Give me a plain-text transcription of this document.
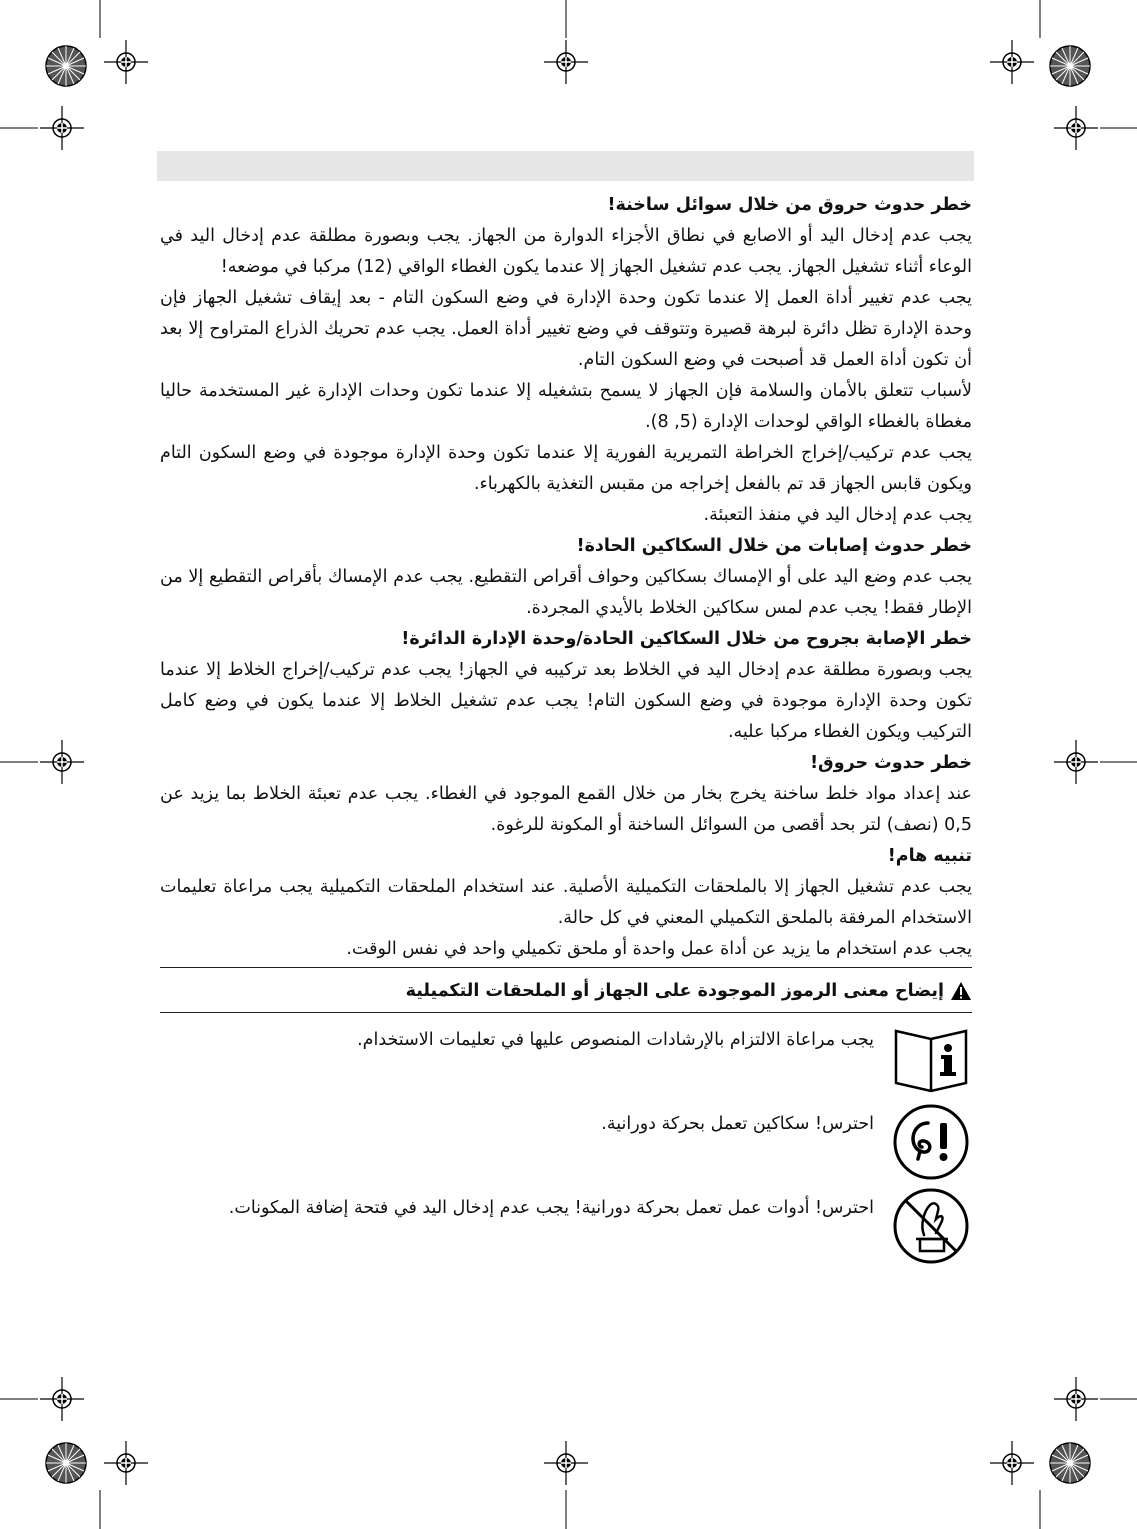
خطر حدوث حروق من خلال سوائل ساخنة!

يجب عدم إدخال اليد أو الاصابع في نطاق الأجزاء الدوارة من الجهاز. يجب وبصورة مطلقة عدم إدخال اليد في الوعاء أثناء تشغيل الجهاز. يجب عدم تشغيل الجهاز إلا عندما يكون الغطاء الواقي (12) مركبا في موضعه!

يجب عدم تغيير أداة العمل إلا عندما تكون وحدة الإدارة في وضع السكون التام - بعد إيقاف تشغيل الجهاز فإن وحدة الإدارة تظل دائرة لبرهة قصيرة وتتوقف في وضع تغيير أداة العمل. يجب عدم تحريك الذراع المتراوح إلا بعد أن تكون أداة العمل قد أصبحت في وضع السكون التام.

لأسباب تتعلق بالأمان والسلامة فإن الجهاز لا يسمح بتشغيله إلا عندما تكون وحدات الإدارة غير المستخدمة حاليا مغطاة بالغطاء الواقي لوحدات الإدارة (5, 8).

يجب عدم تركيب/إخراج الخراطة التمريرية الفورية إلا عندما تكون وحدة الإدارة موجودة في وضع السكون التام ويكون قابس الجهاز قد تم بالفعل إخراجه من مقبس التغذية بالكهرباء.

يجب عدم إدخال اليد في منفذ التعبئة.

خطر حدوث إصابات من خلال السكاكين الحادة!

يجب عدم وضع اليد على أو الإمساك بسكاكين وحواف أقراص التقطيع. يجب عدم الإمساك بأقراص التقطيع إلا من الإطار فقط! يجب عدم لمس سكاكين الخلاط بالأيدي المجردة.

خطر الإصابة بجروح من خلال السكاكين الحادة/وحدة الإدارة الدائرة!

يجب وبصورة مطلقة عدم إدخال اليد في الخلاط بعد تركيبه في الجهاز! يجب عدم تركيب/إخراج الخلاط إلا عندما تكون وحدة الإدارة موجودة في وضع السكون التام! يجب عدم تشغيل الخلاط إلا عندما يكون في وضع كامل التركيب ويكون الغطاء مركبا عليه.

خطر حدوث حروق!

عند إعداد مواد خلط ساخنة يخرج بخار من خلال القمع الموجود في الغطاء. يجب عدم تعبئة الخلاط بما يزيد عن 0,5 (نصف) لتر بحد أقصى من السوائل الساخنة أو المكونة للرغوة.

تنبيه هام!

يجب عدم تشغيل الجهاز إلا بالملحقات التكميلية الأصلية. عند استخدام الملحقات التكميلية يجب مراعاة تعليمات الاستخدام المرفقة بالملحق التكميلي المعني في كل حالة.

يجب عدم استخدام ما يزيد عن أداة عمل واحدة أو ملحق تكميلي واحد في نفس الوقت.

إيضاح معنى الرموز الموجودة على الجهاز أو الملحقات التكميلية
يجب مراعاة الالتزام بالإرشادات المنصوص عليها في تعليمات الاستخدام.
احترس! سكاكين تعمل بحركة دورانية.
احترس! أدوات عمل تعمل بحركة دورانية! يجب عدم إدخال اليد في فتحة إضافة المكونات.
